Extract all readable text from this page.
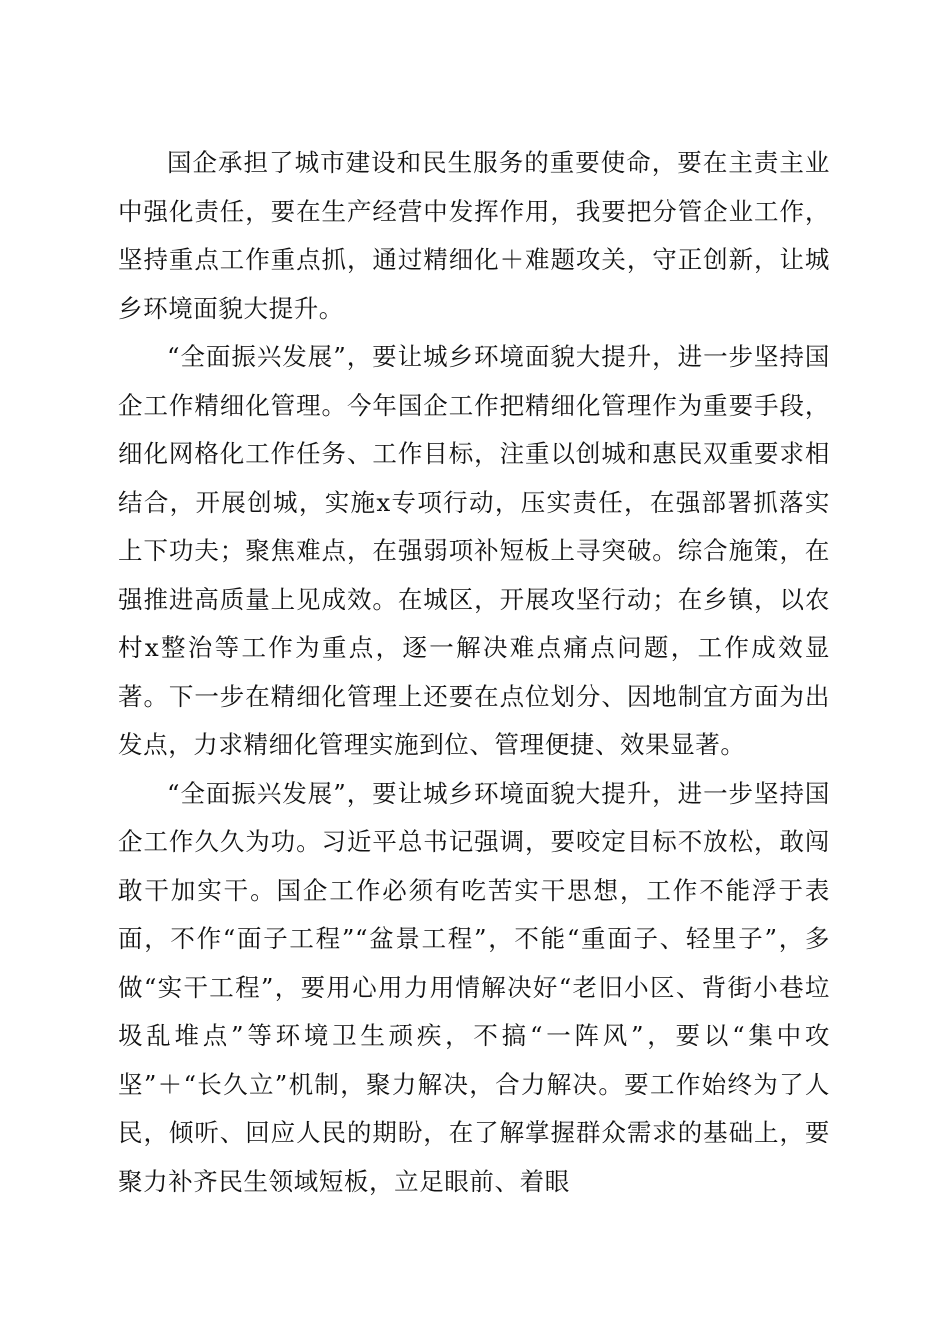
国企承担了城市建设和民生服务的重要使命，要在主责主业中强化责任，要在生产经营中发挥作用，我要把分管企业工作，坚持重点工作重点抓，通过精细化＋难题攻关，守正创新，让城乡环境面貌大提升。

“全面振兴发展”，要让城乡环境面貌大提升，进一步坚持国企工作精细化管理。今年国企工作把精细化管理作为重要手段，细化网格化工作任务、工作目标，注重以创城和惠民双重要求相结合，开展创城，实施x专项行动，压实责任，在强部署抓落实上下功夫；聚焦难点，在强弱项补短板上寻突破。综合施策，在强推进高质量上见成效。在城区，开展攻坚行动；在乡镇，以农村x整治等工作为重点，逐一解决难点痛点问题，工作成效显著。下一步在精细化管理上还要在点位划分、因地制宜方面为出发点，力求精细化管理实施到位、管理便捷、效果显著。

“全面振兴发展”，要让城乡环境面貌大提升，进一步坚持国企工作久久为功。习近平总书记强调，要咬定目标不放松，敢闯敢干加实干。国企工作必须有吃苦实干思想，工作不能浮于表面，不作“面子工程”“盆景工程”，不能“重面子、轻里子”，多做“实干工程”，要用心用力用情解决好“老旧小区、背街小巷垃圾乱堆点”等环境卫生顽疾，不搞“一阵风”，要以“集中攻坚”＋“长久立”机制，聚力解决，合力解决。要工作始终为了人民，倾听、回应人民的期盼，在了解掌握群众需求的基础上，要聚力补齐民生领域短板，立足眼前、着眼
